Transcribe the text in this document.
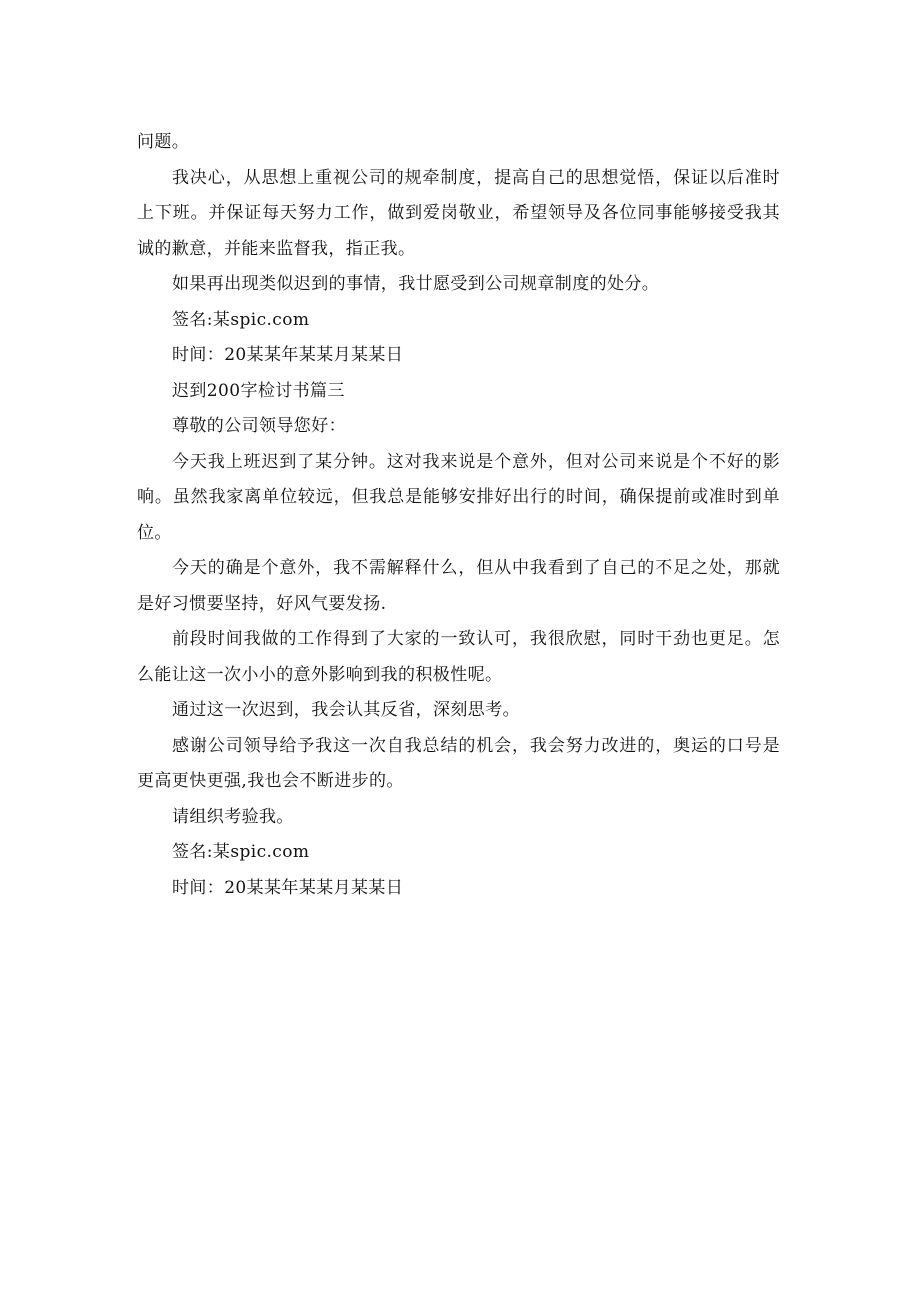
问题。

我决心，从思想上重视公司的规牵制度，提高自己的思想觉悟，保证以后准时上下班。并保证每天努力工作，做到爱岗敬业，希望领导及各位同事能够接受我其诚的歉意，并能来监督我，指正我。

如果再出现类似迟到的事情，我廿愿受到公司规章制度的处分。

签名:某spic.com

时间：20某某年某某月某某日

迟到200字检讨书篇三

尊敬的公司领导您好：

今天我上班迟到了某分钟。这对我来说是个意外，但对公司来说是个不好的影响。虽然我家离单位较远，但我总是能够安排好出行的时间，确保提前或准时到单位。

今天的确是个意外，我不需解释什么，但从中我看到了自己的不足之处，那就是好习惯要坚持，好风气要发扬.

前段时间我做的工作得到了大家的一致认可，我很欣慰，同时干劲也更足。怎么能让这一次小小的意外影响到我的积极性呢。

通过这一次迟到，我会认其反省，深刻思考。

感谢公司领导给予我这一次自我总结的机会，我会努力改进的，奥运的口号是更高更快更强,我也会不断进步的。

请组织考验我。

签名:某spic.com

时间：20某某年某某月某某日
